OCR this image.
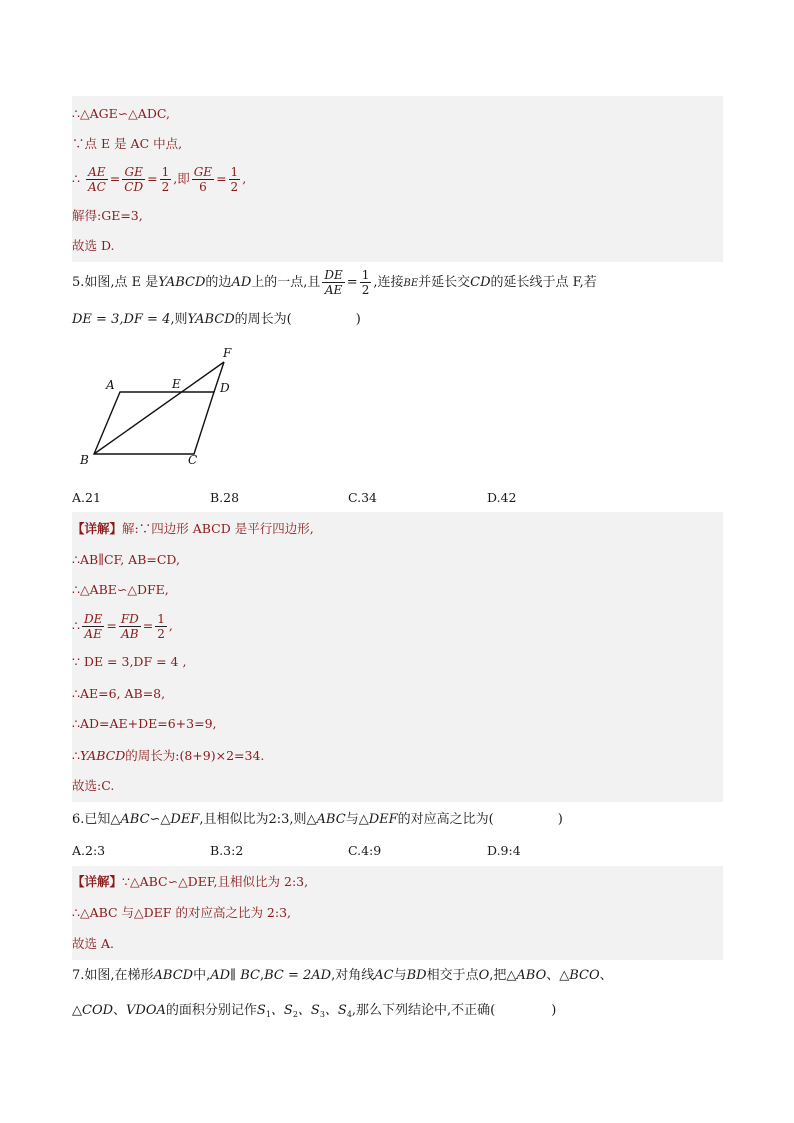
∴△AGE∽△ADC,
∵点 E 是 AC 中点,
∴ $\frac{AE}{AC} = \frac{GE}{CD} = \frac{1}{2}$ ,即 $\frac{GE}{6} = \frac{1}{2}$ ,
解得:GE=3,
故选 D.
5.如图,点 E 是YABCD的边AD上的一点,且 $\frac{DE}{AE} = \frac{1}{2}$ ,连接BE并延长交CD的延长线于点 F,若
DE = 3,DF = 4,则YABCD的周长为(	)
A	E	D
F
B	C
A.21	B.28	C.34	D.42
【详解】解:∵四边形 ABCD 是平行四边形,
∴AB∥CF, AB=CD,
∴△ABE∽△DFE,
∴ $\frac{DE}{AE} = \frac{FD}{AB} = \frac{1}{2}$ ,
∵ DE = 3,DF = 4 ,
∴AE=6, AB=8,
∴AD=AE+DE=6+3=9,
∴YABCD的周长为:(8+9)×2=34.
故选:C.
6.已知△ABC∽△DEF,且相似比为2:3,则△ABC与△DEF的对应高之比为(	)
A.2:3	B.3:2	C.4:9	D.9:4
【详解】∵△ABC∽△DEF,且相似比为 2:3,
∴△ABC 与△DEF 的对应高之比为 2:3,
故选 A.
7.如图,在梯形ABCD中,AD∥ BC,BC = 2AD,对角线AC与BD相交于点O,把△ABO、△BCO、
△COD、VDOA的面积分别记作$S_1$、$S_2$、$S_3$、$S_4$,那么下列结论中,不正确(	)
